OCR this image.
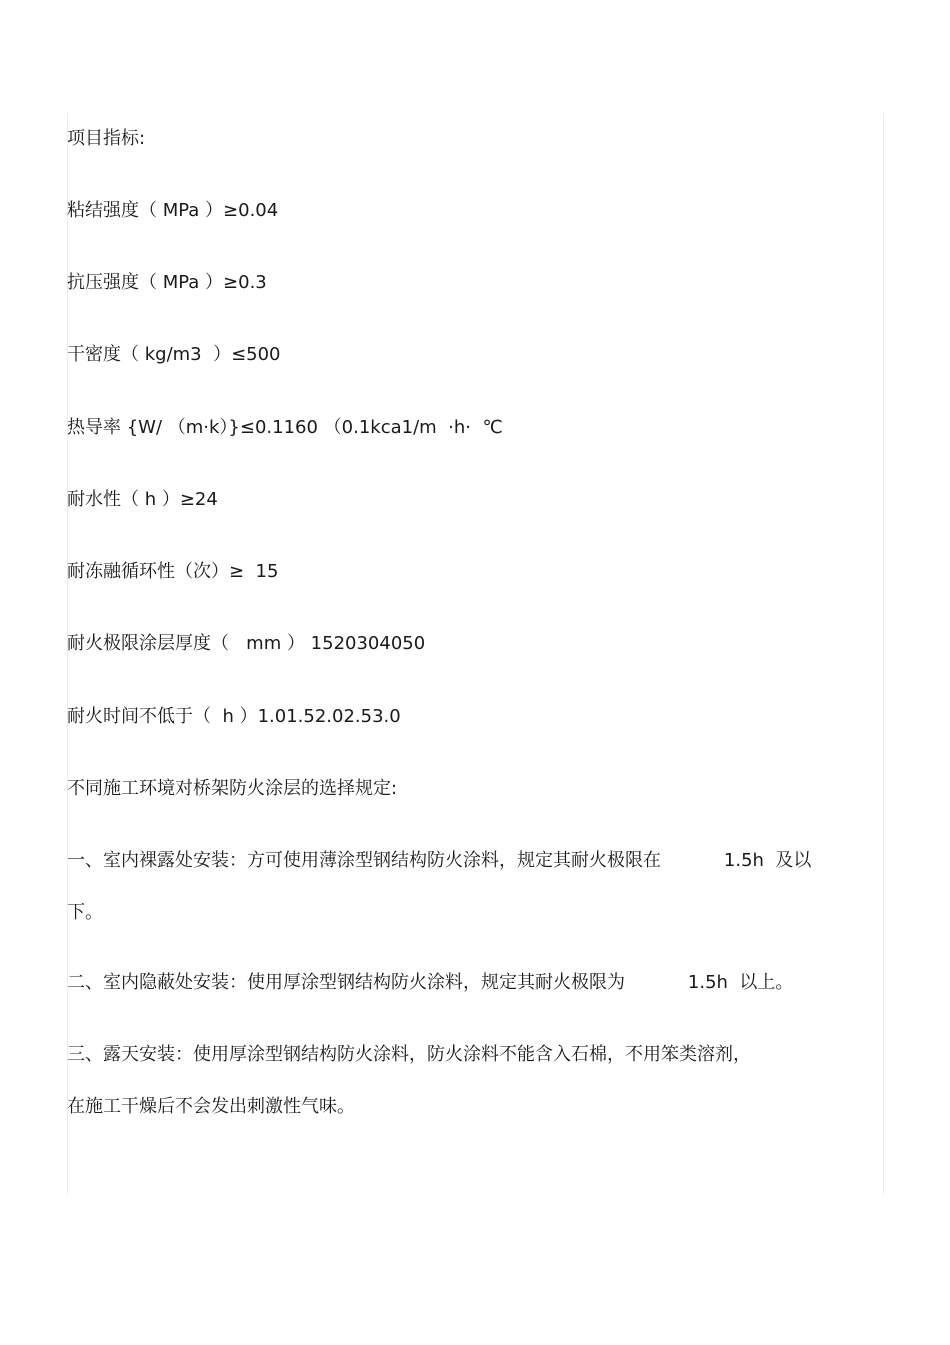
项目指标:
粘结强度（ MPa ）≥0.04
抗压强度（ MPa ）≥0.3
干密度（ kg/m3  ）≤500
热导率 {W/ （m·k）}≤0.1160 （0.1kca1/m  ·h·  ℃
耐水性（ h ）≥24
耐冻融循环性（次）≥  15
耐火极限涂层厚度（   mm ） 1520304050
耐火时间不低于（  h ）1.01.52.02.53.0
不同施工环境对桥架防火涂层的选择规定:
一、室内裸露处安装：方可使用薄涂型钢结构防火涂料，规定其耐火极限在           1.5h  及以
下。
二、室内隐蔽处安装：使用厚涂型钢结构防火涂料，规定其耐火极限为           1.5h  以上。
三、露天安装：使用厚涂型钢结构防火涂料，防火涂料不能含入石棉，不用笨类溶剂，
在施工干燥后不会发出刺激性气味。
